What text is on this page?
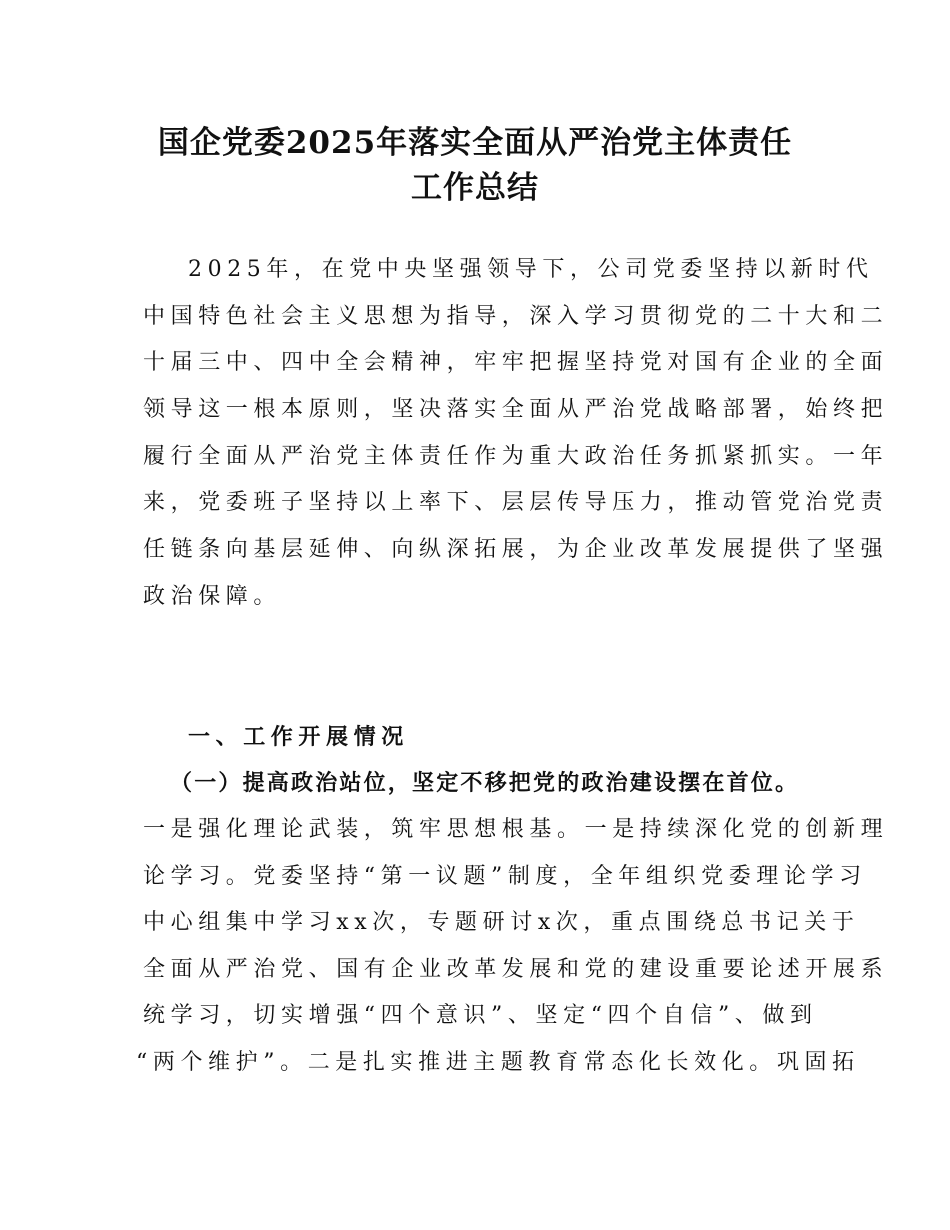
国企党委2025年落实全面从严治党主体责任
工作总结
2025年，在党中央坚强领导下，公司党委坚持以新时代
中国特色社会主义思想为指导，深入学习贯彻党的二十大和二
十届三中、四中全会精神，牢牢把握坚持党对国有企业的全面
领导这一根本原则，坚决落实全面从严治党战略部署，始终把
履行全面从严治党主体责任作为重大政治任务抓紧抓实。一年
来，党委班子坚持以上率下、层层传导压力，推动管党治党责
任链条向基层延伸、向纵深拓展，为企业改革发展提供了坚强
政治保障。
一、工作开展情况
（一）提高政治站位，坚定不移把党的政治建设摆在首位。
一是强化理论武装，筑牢思想根基。一是持续深化党的创新理
论学习。党委坚持“第一议题”制度，全年组织党委理论学习
中心组集中学习xx次，专题研讨x次，重点围绕总书记关于
全面从严治党、国有企业改革发展和党的建设重要论述开展系
统学习，切实增强“四个意识”、坚定“四个自信”、做到
“两个维护”。二是扎实推进主题教育常态化长效化。巩固拓
